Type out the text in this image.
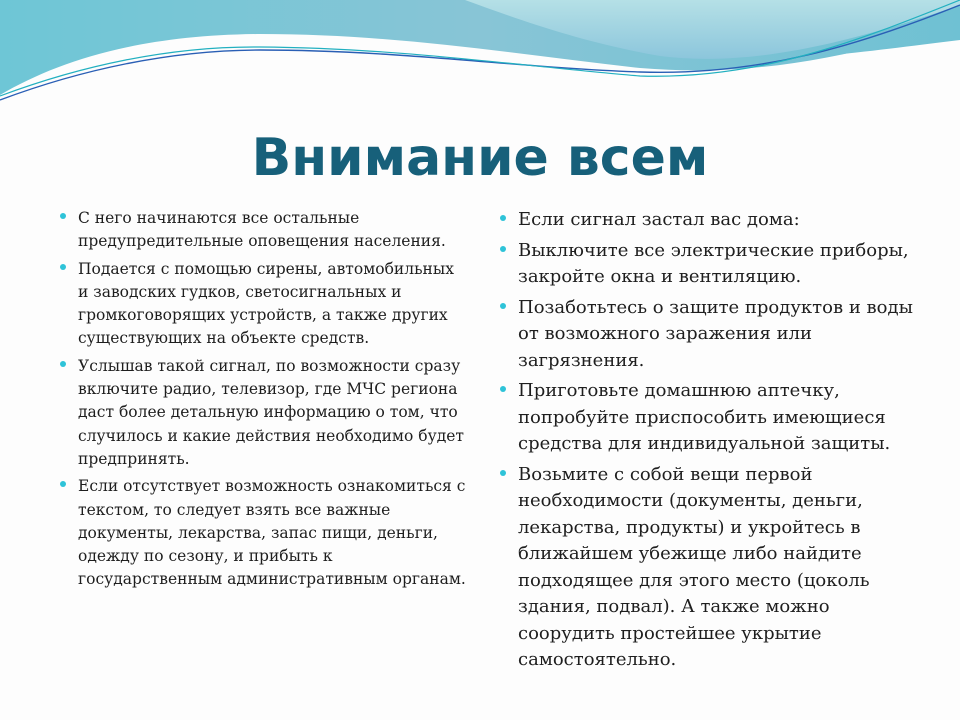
Внимание всем
С него начинаются все остальные предупредительные оповещения населения.
Подается с помощью сирены, автомобильных и заводских гудков, светосигнальных и громкоговорящих устройств, а также других существующих на объекте средств.
Услышав такой сигнал, по возможности сразу включите радио, телевизор, где МЧС региона даст более детальную информацию о том, что случилось и какие действия необходимо будет предпринять.
Если отсутствует возможность ознакомиться с текстом, то следует взять все важные документы, лекарства, запас пищи, деньги, одежду по сезону, и прибыть к государственным административным органам.
Если сигнал застал вас дома:
Выключите все электрические приборы, закройте окна и вентиляцию.
Позаботьтесь о защите продуктов и воды от возможного заражения или загрязнения.
Приготовьте домашнюю аптечку, попробуйте приспособить имеющиеся средства для индивидуальной защиты.
Возьмите с собой вещи первой необходимости (документы, деньги, лекарства, продукты) и укройтесь в ближайшем убежище либо найдите подходящее для этого место (цоколь здания, подвал). А также можно соорудить простейшее укрытие самостоятельно.
